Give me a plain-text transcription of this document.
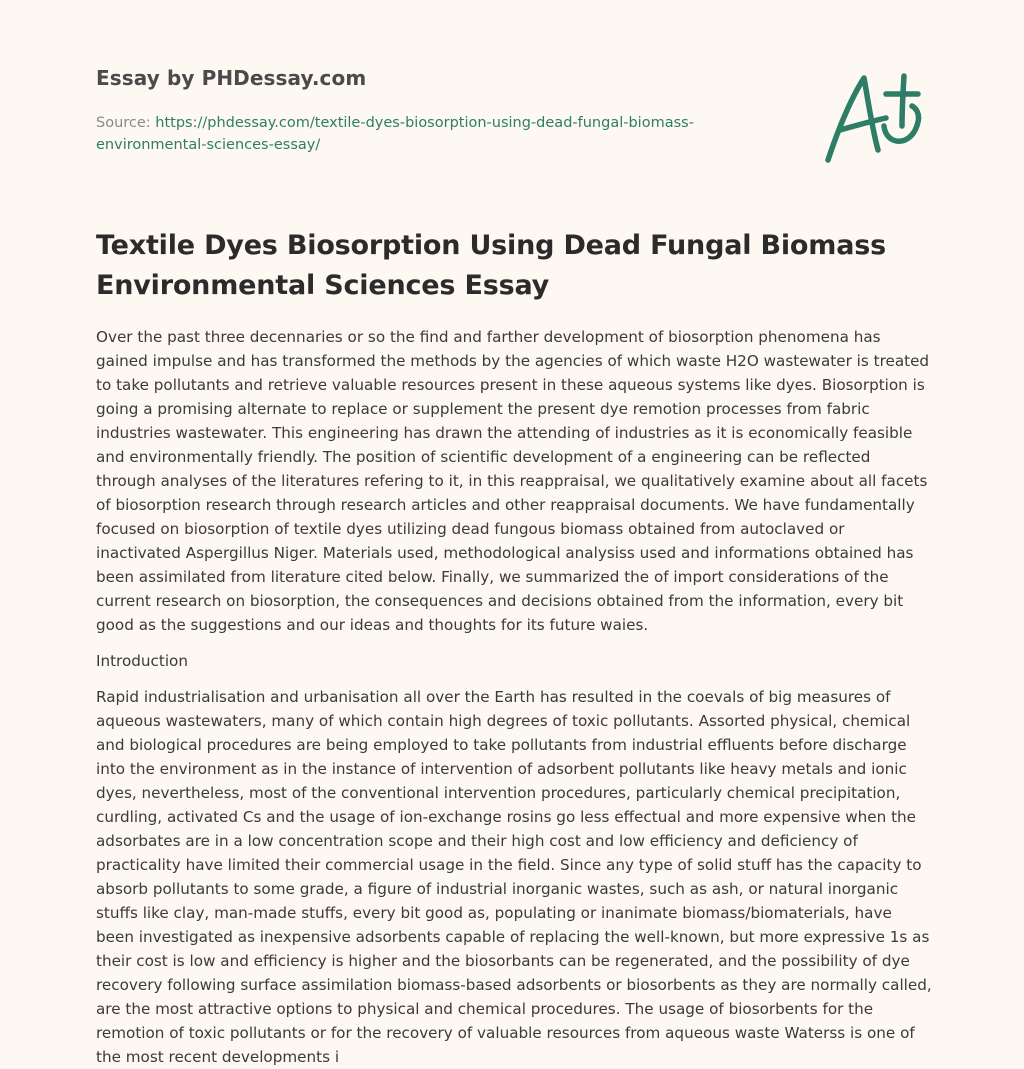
Essay by PHDessay.com
Source: https://phdessay.com/textile-dyes-biosorption-using-dead-fungal-biomass-environmental-sciences-essay/
Textile Dyes Biosorption Using Dead Fungal Biomass Environmental Sciences Essay

Over the past three decennaries or so the find and farther development of biosorption phenomena has gained impulse and has transformed the methods by the agencies of which waste H2O wastewater is treated to take pollutants and retrieve valuable resources present in these aqueous systems like dyes. Biosorption is going a promising alternate to replace or supplement the present dye remotion processes from fabric industries wastewater. This engineering has drawn the attending of industries as it is economically feasible and environmentally friendly. The position of scientific development of a engineering can be reflected through analyses of the literatures refering to it, in this reappraisal, we qualitatively examine about all facets of biosorption research through research articles and other reappraisal documents. We have fundamentally focused on biosorption of textile dyes utilizing dead fungous biomass obtained from autoclaved or inactivated Aspergillus Niger. Materials used, methodological analysiss used and informations obtained has been assimilated from literature cited below. Finally, we summarized the of import considerations of the current research on biosorption, the consequences and decisions obtained from the information, every bit good as the suggestions and our ideas and thoughts for its future waies.

Introduction

Rapid industrialisation and urbanisation all over the Earth has resulted in the coevals of big measures of aqueous wastewaters, many of which contain high degrees of toxic pollutants. Assorted physical, chemical and biological procedures are being employed to take pollutants from industrial effluents before discharge into the environment as in the instance of intervention of adsorbent pollutants like heavy metals and ionic dyes, nevertheless, most of the conventional intervention procedures, particularly chemical precipitation, curdling, activated Cs and the usage of ion-exchange rosins go less effectual and more expensive when the adsorbates are in a low concentration scope and their high cost and low efficiency and deficiency of practicality have limited their commercial usage in the field. Since any type of solid stuff has the capacity to absorb pollutants to some grade, a figure of industrial inorganic wastes, such as ash, or natural inorganic stuffs like clay, man-made stuffs, every bit good as, populating or inanimate biomass/biomaterials, have been investigated as inexpensive adsorbents capable of replacing the well-known, but more expressive 1s as their cost is low and efficiency is higher and the biosorbants can be regenerated, and the possibility of dye recovery following surface assimilation biomass-based adsorbents or biosorbents as they are normally called, are the most attractive options to physical and chemical procedures. The usage of biosorbents for the remotion of toxic pollutants or for the recovery of valuable resources from aqueous waste Waterss is one of the most recent developments i
